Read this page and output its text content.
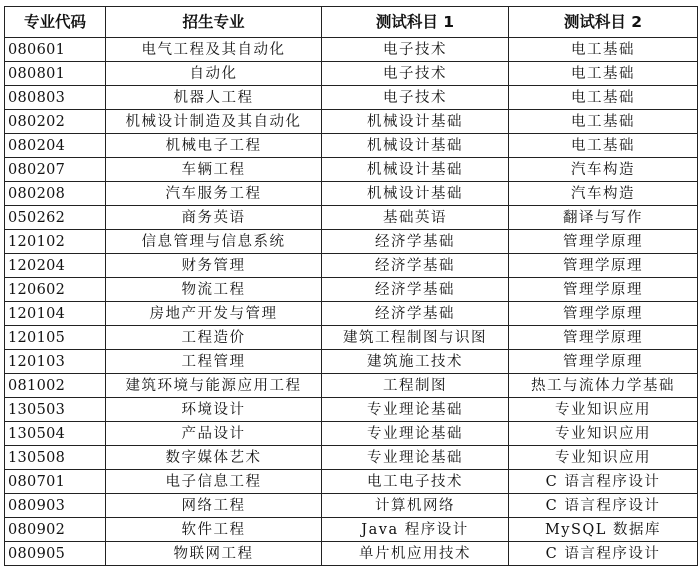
专业代码	招生专业	测试科目 1	测试科目 2
080601	电气工程及其自动化	电子技术	电工基础
080801	自动化	电子技术	电工基础
080803	机器人工程	电子技术	电工基础
080202	机械设计制造及其自动化	机械设计基础	电工基础
080204	机械电子工程	机械设计基础	电工基础
080207	车辆工程	机械设计基础	汽车构造
080208	汽车服务工程	机械设计基础	汽车构造
050262	商务英语	基础英语	翻译与写作
120102	信息管理与信息系统	经济学基础	管理学原理
120204	财务管理	经济学基础	管理学原理
120602	物流工程	经济学基础	管理学原理
120104	房地产开发与管理	经济学基础	管理学原理
120105	工程造价	建筑工程制图与识图	管理学原理
120103	工程管理	建筑施工技术	管理学原理
081002	建筑环境与能源应用工程	工程制图	热工与流体力学基础
130503	环境设计	专业理论基础	专业知识应用
130504	产品设计	专业理论基础	专业知识应用
130508	数字媒体艺术	专业理论基础	专业知识应用
080701	电子信息工程	电工电子技术	C 语言程序设计
080903	网络工程	计算机网络	C 语言程序设计
080902	软件工程	Java 程序设计	MySQL 数据库
080905	物联网工程	单片机应用技术	C 语言程序设计
